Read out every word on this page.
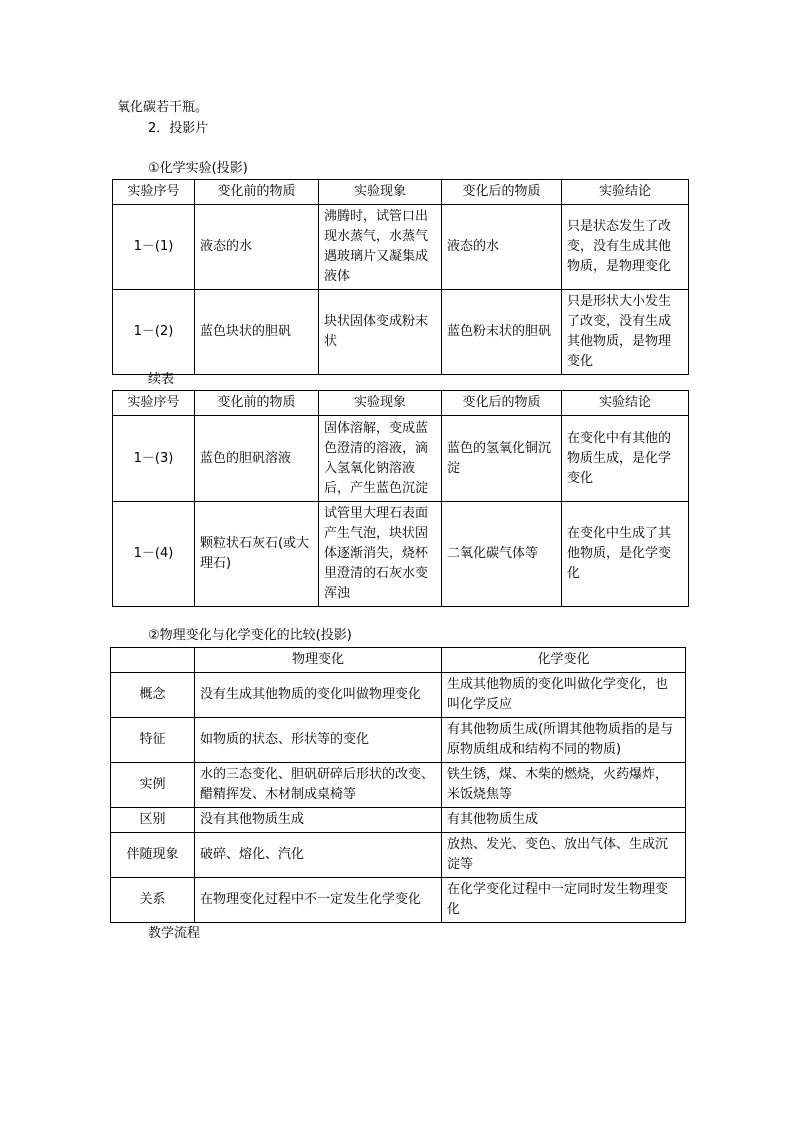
氧化碳若干瓶。
2．投影片
①化学实验(投影)
实验序号	变化前的物质	实验现象	变化后的物质	实验结论
1－(1)	液态的水	沸腾时，试管口出现水蒸气，水蒸气遇玻璃片又凝集成液体	液态的水	只是状态发生了改变，没有生成其他物质，是物理变化
1－(2)	蓝色块状的胆矾	块状固体变成粉末状	蓝色粉末状的胆矾	只是形状大小发生了改变，没有生成其他物质，是物理变化
续表
实验序号	变化前的物质	实验现象	变化后的物质	实验结论
1－(3)	蓝色的胆矾溶液	固体溶解，变成蓝色澄清的溶液，滴入氢氧化钠溶液后，产生蓝色沉淀	蓝色的氢氧化铜沉淀	在变化中有其他的物质生成，是化学变化
1－(4)	颗粒状石灰石(或大理石)	试管里大理石表面产生气泡，块状固体逐渐消失，烧杯里澄清的石灰水变浑浊	二氧化碳气体等	在变化中生成了其他物质，是化学变化
②物理变化与化学变化的比较(投影)
	物理变化	化学变化
概念	没有生成其他物质的变化叫做物理变化	生成其他物质的变化叫做化学变化，也叫化学反应
特征	如物质的状态、形状等的变化	有其他物质生成(所谓其他物质指的是与原物质组成和结构不同的物质)
实例	水的三态变化、胆矾研碎后形状的改变、醋精挥发、木材制成桌椅等	铁生锈，煤、木柴的燃烧，火药爆炸，米饭烧焦等
区别	没有其他物质生成	有其他物质生成
伴随现象	破碎、熔化、汽化	放热、发光、变色、放出气体、生成沉淀等
关系	在物理变化过程中不一定发生化学变化	在化学变化过程中一定同时发生物理变化
教学流程
